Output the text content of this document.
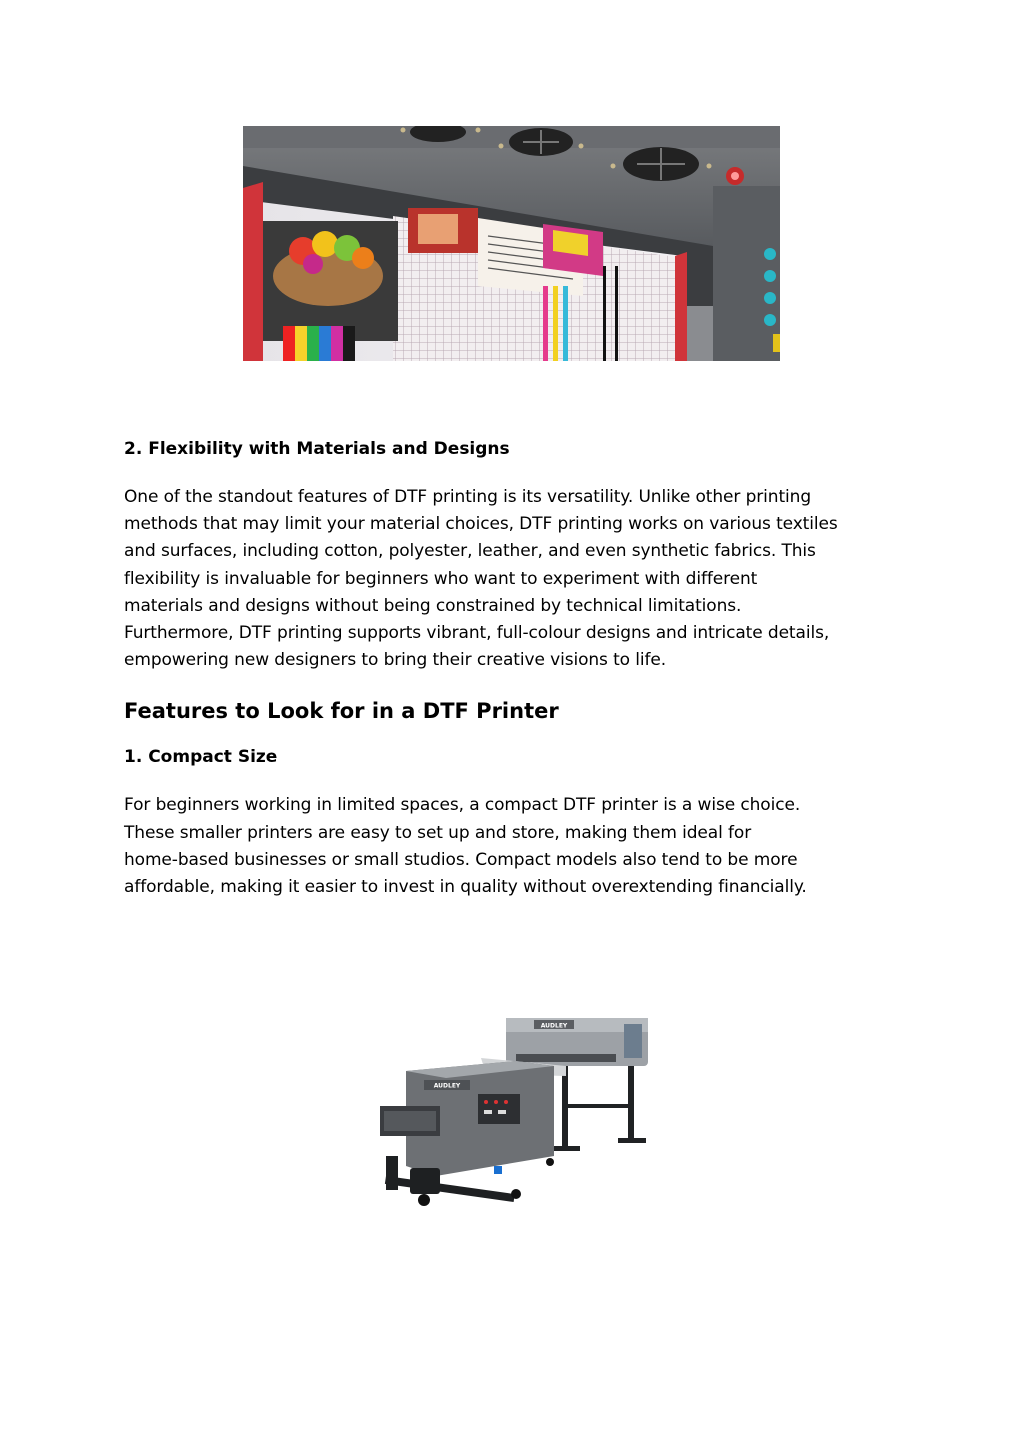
2. Flexibility with Materials and Designs

One of the standout features of DTF printing is its versatility. Unlike other printing
methods that may limit your material choices, DTF printing works on various textiles
and surfaces, including cotton, polyester, leather, and even synthetic fabrics. This
flexibility is invaluable for beginners who want to experiment with different
materials and designs without being constrained by technical limitations.
Furthermore, DTF printing supports vibrant, full-colour designs and intricate details,
empowering new designers to bring their creative visions to life.

Features to Look for in a DTF Printer
1. Compact Size

For beginners working in limited spaces, a compact DTF printer is a wise choice.
These smaller printers are easy to set up and store, making them ideal for
home-based businesses or small studios. Compact models also tend to be more
affordable, making it easier to invest in quality without overextending financially.

AUDLEY
AUDLEY
